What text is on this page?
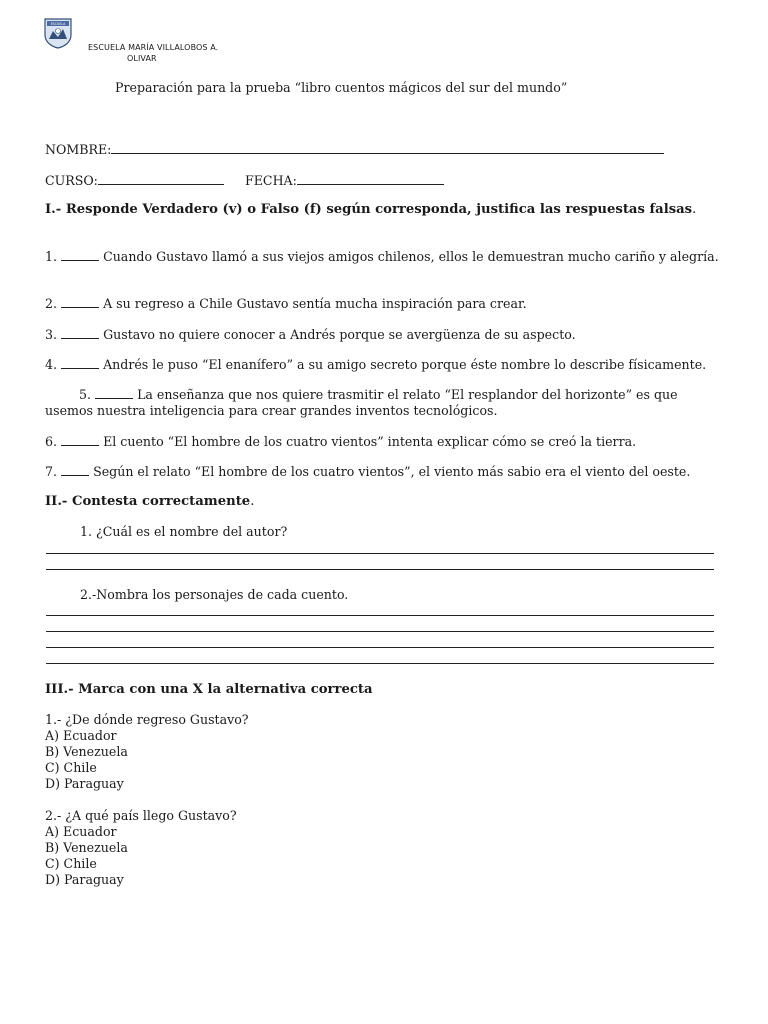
ESCUELA
ESCUELA MARÍA VILLALOBOS A.
OLIVAR
Preparación para la prueba “libro cuentos mágicos del sur del mundo”
NOMBRE:
CURSO:	FECHA:
I.- Responde Verdadero (v) o Falso (f) según corresponda, justifica las respuestas falsas.
1.	Cuando Gustavo llamó a sus viejos amigos chilenos, ellos le demuestran mucho cariño y alegría.
2.	A su regreso a Chile Gustavo sentía mucha inspiración para crear.
3.	Gustavo no quiere conocer a Andrés porque se avergüenza de su aspecto.
4.	Andrés le puso “El enanífero” a su amigo secreto porque éste nombre lo describe físicamente.
5.	La enseñanza que nos quiere trasmitir el relato “El resplandor del horizonte” es que usemos nuestra inteligencia para crear grandes inventos tecnológicos.
6.	El cuento “El hombre de los cuatro vientos” intenta explicar cómo se creó la tierra.
7.	Según el relato “El hombre de los cuatro vientos”, el viento más sabio era el viento del oeste.
II.- Contesta correctamente.
1. ¿Cuál es el nombre del autor?
2.-Nombra los personajes de cada cuento.
III.- Marca con una X la alternativa correcta
1.- ¿De dónde regreso Gustavo?
A) Ecuador
B) Venezuela
C) Chile
D) Paraguay
2.- ¿A qué país llego Gustavo?
A) Ecuador
B) Venezuela
C) Chile
D) Paraguay
